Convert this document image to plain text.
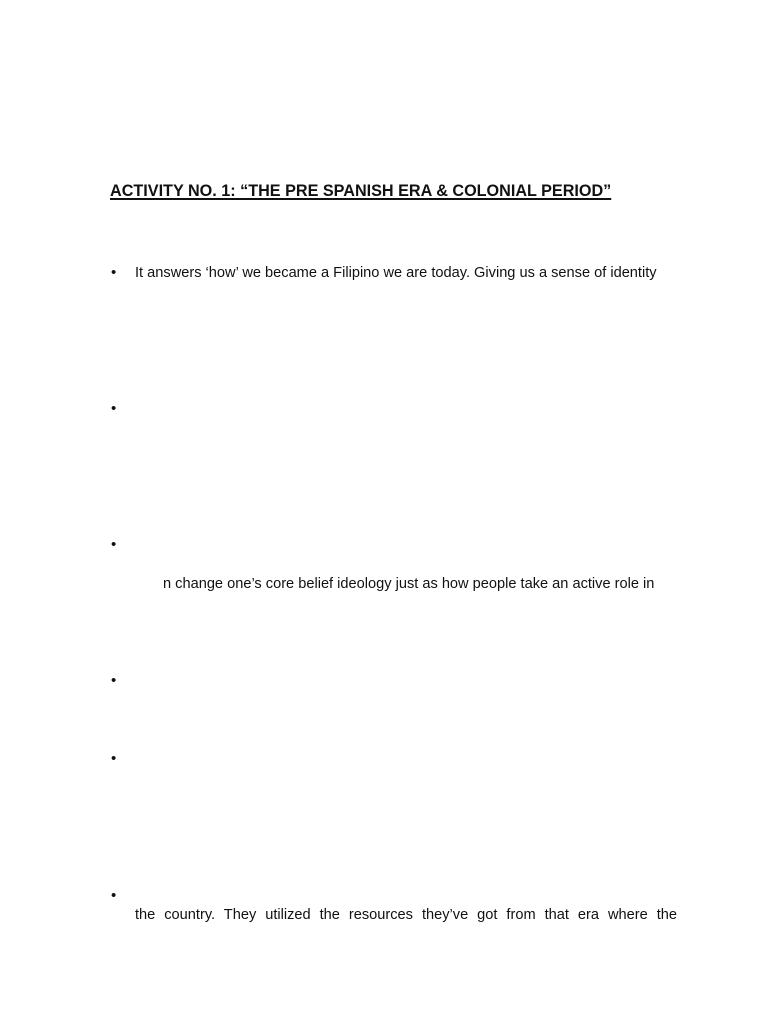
ACTIVITY NO. 1: “THE PRE SPANISH ERA & COLONIAL PERIOD”
• It answers ‘how’ we became a Filipino we are today. Giving us a sense of identity
•
•
n change one’s core belief ideology just as how people take an active role in
•
•
•
the country. They utilized the resources they’ve got from that era where the
